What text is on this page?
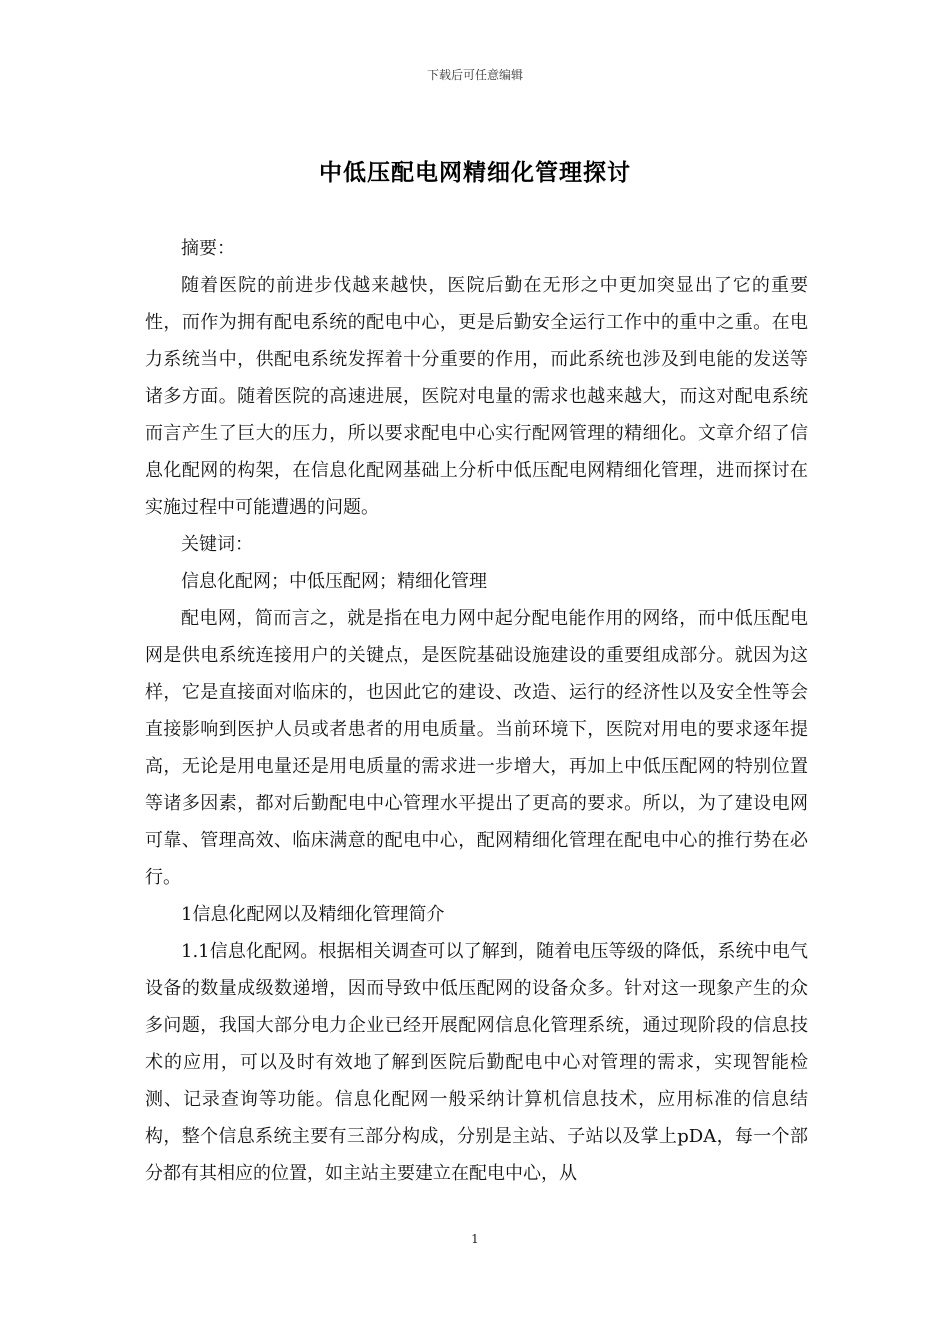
下载后可任意编辑
中低压配电网精细化管理探讨

摘要：

随着医院的前进步伐越来越快，医院后勤在无形之中更加突显出了它的重要性，而作为拥有配电系统的配电中心，更是后勤安全运行工作中的重中之重。在电力系统当中，供配电系统发挥着十分重要的作用，而此系统也涉及到电能的发送等诸多方面。随着医院的高速进展，医院对电量的需求也越来越大，而这对配电系统而言产生了巨大的压力，所以要求配电中心实行配网管理的精细化。文章介绍了信息化配网的构架，在信息化配网基础上分析中低压配电网精细化管理，进而探讨在实施过程中可能遭遇的问题。

关键词：

信息化配网；中低压配网；精细化管理

配电网，简而言之，就是指在电力网中起分配电能作用的网络，而中低压配电网是供电系统连接用户的关键点，是医院基础设施建设的重要组成部分。就因为这样，它是直接面对临床的，也因此它的建设、改造、运行的经济性以及安全性等会直接影响到医护人员或者患者的用电质量。当前环境下，医院对用电的要求逐年提高，无论是用电量还是用电质量的需求进一步增大，再加上中低压配网的特别位置等诸多因素，都对后勤配电中心管理水平提出了更高的要求。所以，为了建设电网可靠、管理高效、临床满意的配电中心，配网精细化管理在配电中心的推行势在必行。

1信息化配网以及精细化管理简介

1.1信息化配网。根据相关调查可以了解到，随着电压等级的降低，系统中电气设备的数量成级数递增，因而导致中低压配网的设备众多。针对这一现象产生的众多问题，我国大部分电力企业已经开展配网信息化管理系统，通过现阶段的信息技术的应用，可以及时有效地了解到医院后勤配电中心对管理的需求，实现智能检测、记录查询等功能。信息化配网一般采纳计算机信息技术，应用标准的信息结构，整个信息系统主要有三部分构成，分别是主站、子站以及掌上pDA，每一个部分都有其相应的位置，如主站主要建立在配电中心，从

1
